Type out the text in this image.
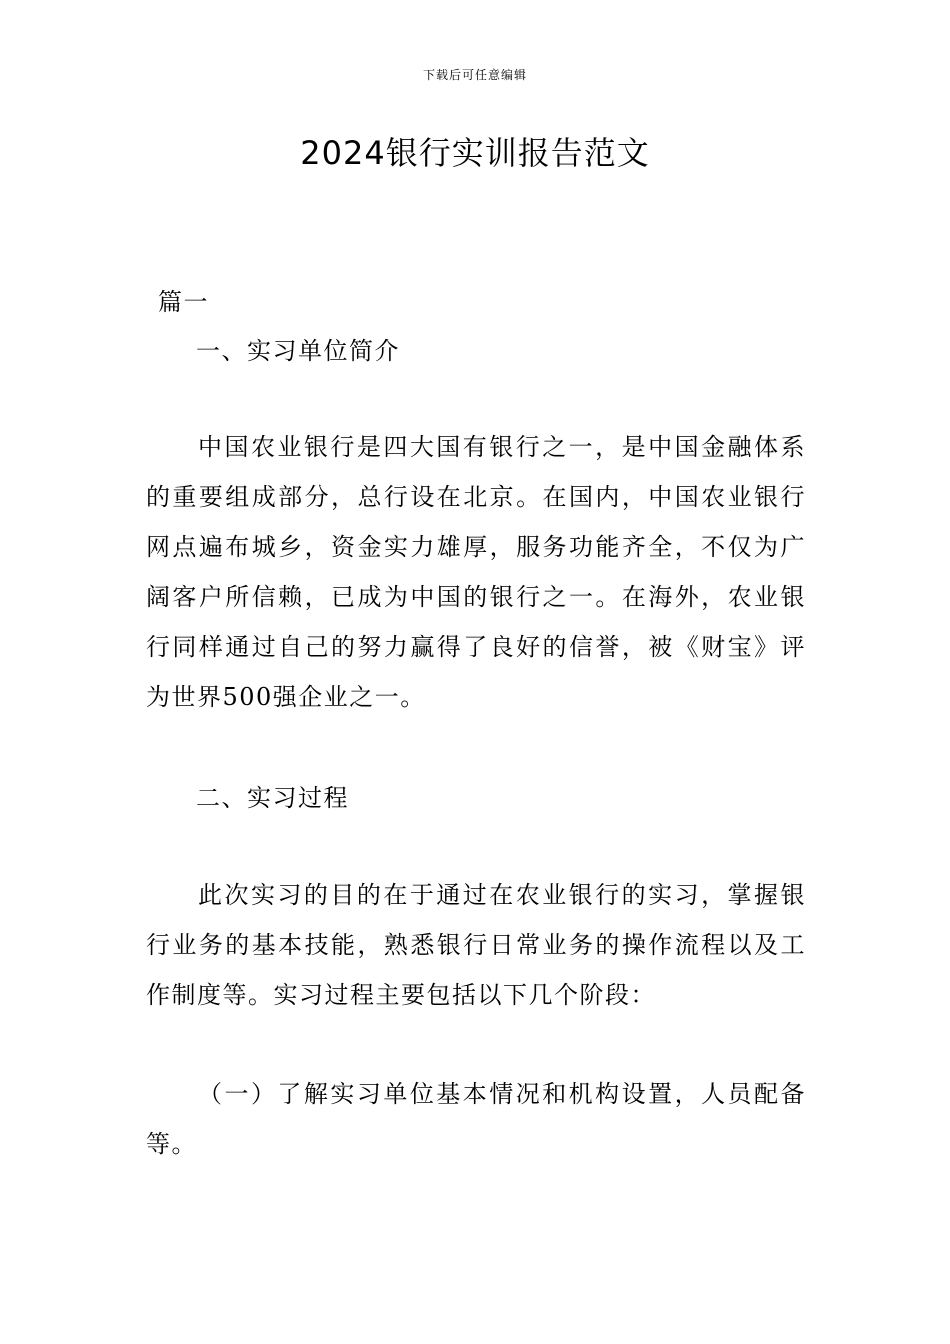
下载后可任意编辑
2024银行实训报告范文
篇一
一、实习单位简介
中国农业银行是四大国有银行之一，是中国金融体系的重要组成部分，总行设在北京。在国内，中国农业银行网点遍布城乡，资金实力雄厚，服务功能齐全，不仅为广阔客户所信赖，已成为中国的银行之一。在海外，农业银行同样通过自己的努力赢得了良好的信誉，被《财宝》评为世界500强企业之一。
二、实习过程
此次实习的目的在于通过在农业银行的实习，掌握银行业务的基本技能，熟悉银行日常业务的操作流程以及工作制度等。实习过程主要包括以下几个阶段：
（一）了解实习单位基本情况和机构设置，人员配备等。
